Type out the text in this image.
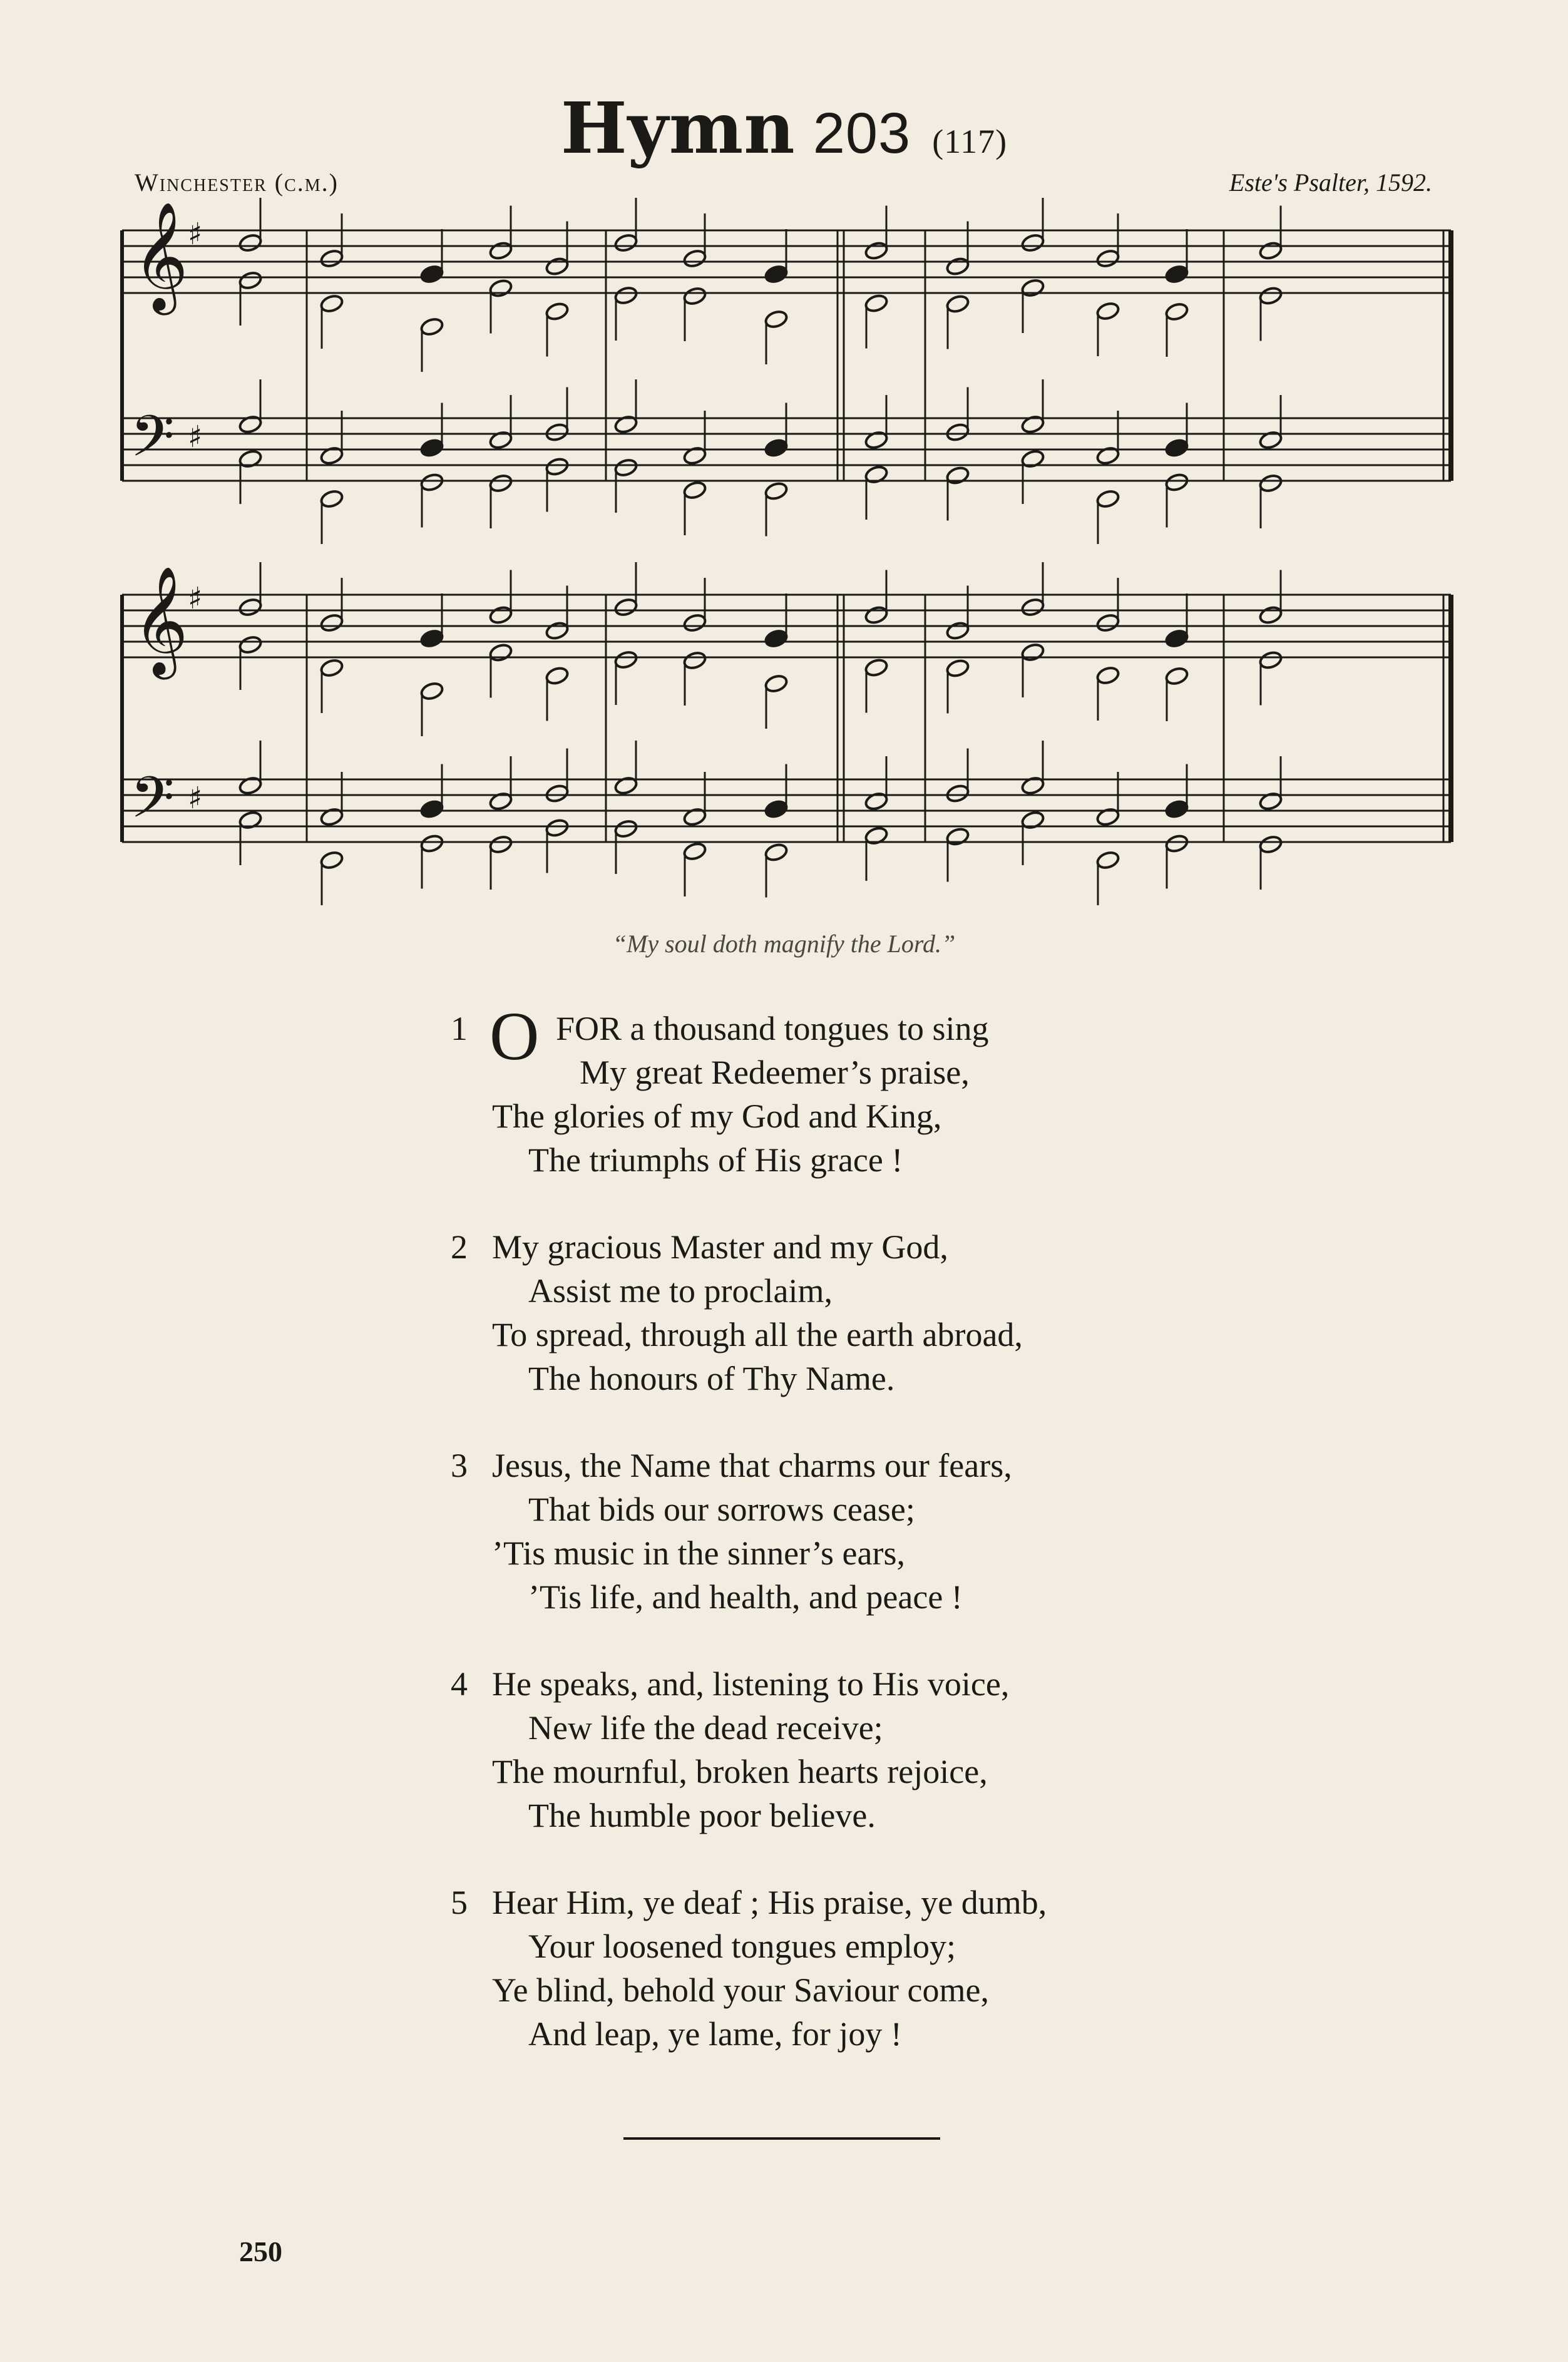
Hymn 203 (117)
Winchester (c.m.)	Este's Psalter, 1592.
𝄞
𝄢
♯
♯
𝄞
𝄢
♯
♯
“My soul doth magnify the Lord.”
1 O FOR a thousand tongues to sing
My great Redeemer’s praise,
The glories of my God and King,
The triumphs of His grace !
2 My gracious Master and my God,
Assist me to proclaim,
To spread, through all the earth abroad,
The honours of Thy Name.
3 Jesus, the Name that charms our fears,
That bids our sorrows cease;
’Tis music in the sinner’s ears,
’Tis life, and health, and peace !
4 He speaks, and, listening to His voice,
New life the dead receive;
The mournful, broken hearts rejoice,
The humble poor believe.
5 Hear Him, ye deaf ; His praise, ye dumb,
Your loosened tongues employ;
Ye blind, behold your Saviour come,
And leap, ye lame, for joy !
250
